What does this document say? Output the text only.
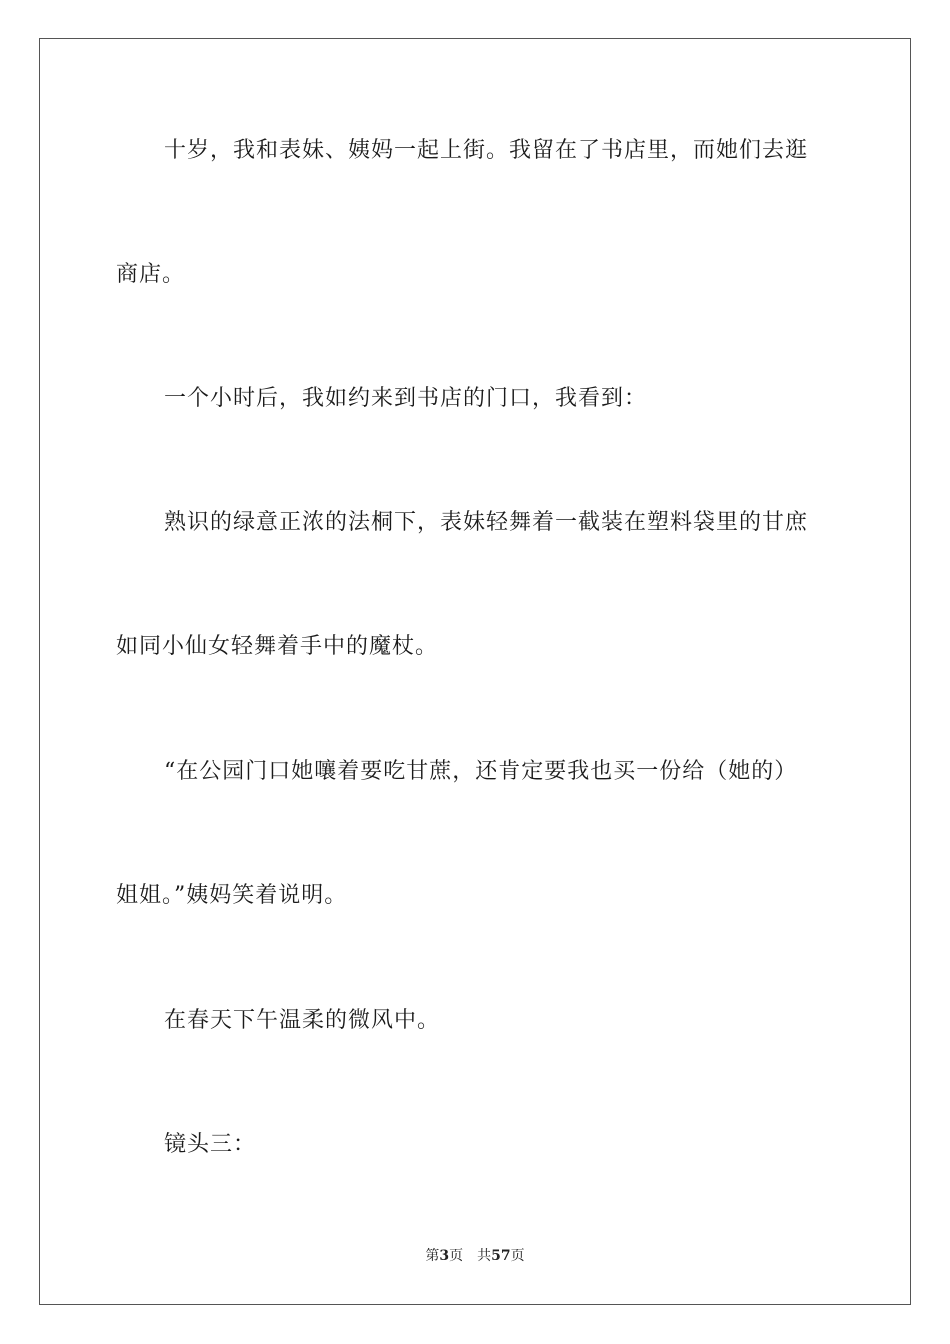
十岁，我和表妹、姨妈一起上街。我留在了书店里，而她们去逛
商店。
一个小时后，我如约来到书店的门口，我看到：
熟识的绿意正浓的法桐下，表妹轻舞着一截装在塑料袋里的甘庶
如同小仙女轻舞着手中的魔杖。
“在公园门口她嚷着要吃甘蔗，还肯定要我也买一份给（她的）
姐姐。”姨妈笑着说明。
在春天下午温柔的微风中。
镜头三：
第3页 共57页
